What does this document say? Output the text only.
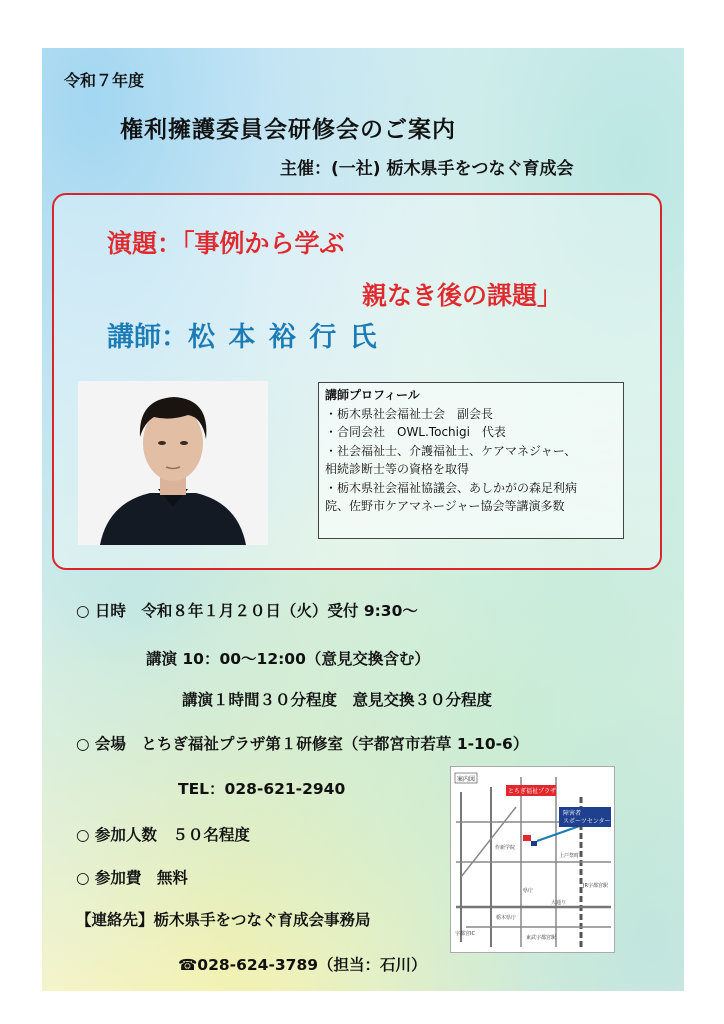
令和７年度
権利擁護委員会研修会のご案内
主催：(一社) 栃木県手をつなぐ育成会
演題：「事例から学ぶ
親なき後の課題」
講師：松 本 裕 行 氏
講師プロフィール
・栃木県社会福祉士会　副会長
・合同会社　OWL.Tochigi　代表
・社会福祉士、介護福祉士、ケアマネジャー、
相続診断士等の資格を取得
・栃木県社会福祉協議会、あしかがの森足利病
院、佐野市ケアマネージャー協会等講演多数
○ 日時　令和８年１月２０日（火）受付 9:30～
講演 10：00～12:00（意見交換含む）
講演１時間３０分程度　意見交換３０分程度
○ 会場　とちぎ福祉プラザ第１研修室（宇都宮市若草 1-10-6）
TEL：028-621-2940
○ 参加人数　５０名程度
○ 参加費　無料
【連絡先】栃木県手をつなぐ育成会事務局
☎028-624-3789（担当：石川）
案内図
とちぎ福祉プラザ
障害者
スポーツセンター
宇都宮IC
上戸祭町
JR宇都宮駅
大通り
県庁
東武宇都宮駅
栃木県庁
作新学院
